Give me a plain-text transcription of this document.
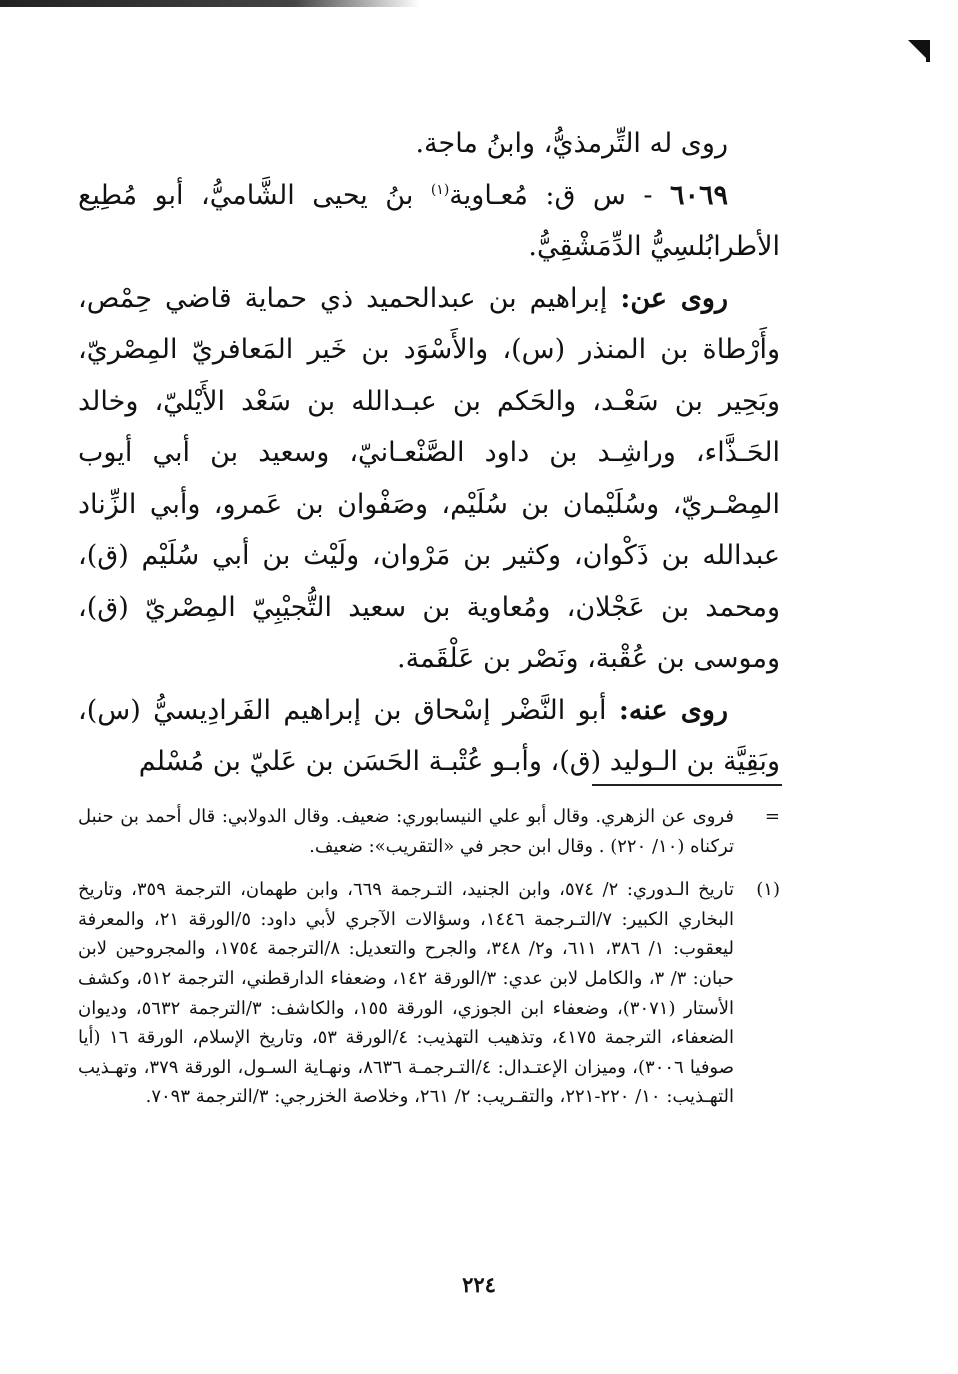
روى له التِّرمذيُّ، وابنُ ماجة.

٦٠٦٩ - س ق: مُعـاوية$^{(١)}$ بنُ يحيى الشَّاميُّ، أبو مُطِيع الأطرابُلسِيُّ الدِّمَشْقِيُّ.

روى عن: إبراهيم بن عبدالحميد ذي حماية قاضي حِمْص، وأَرْطاة بن المنذر (س)، والأَسْوَد بن خَير المَعافريّ المِصْريّ، وبَحِير بن سَعْـد، والحَكم بن عبـدالله بن سَعْد الأَيْليّ، وخالد الحَـذَّاء، وراشِـد بن داود الصَّنْعـانيّ، وسعيد بن أبي أيوب المِصْـريّ، وسُلَيْمان بن سُلَيْم، وصَفْوان بن عَمرو، وأبي الزِّناد عبدالله بن ذَكْوان، وكثير بن مَرْوان، ولَيْث بن أبي سُلَيْم (ق)، ومحمد بن عَجْلان، ومُعاوية بن سعيد التُّجيْبِيّ المِصْريّ (ق)، وموسى بن عُقْبة، ونَصْر بن عَلْقَمة.

روى عنه: أبو النَّضْر إسْحاق بن إبراهيم الفَرادِيسيُّ (س)، وبَقِيَّة بن الـوليد (ق)، وأبـو عُتْبـة الحَسَن بن عَليّ بن مُسْلم

=
فروى عن الزهري. وقال أبو علي النيسابوري: ضعيف. وقال الدولابي: قال أحمد بن حنبل تركناه (١٠/ ٢٢٠) . وقال ابن حجر في «التقريب»: ضعيف.
(١)
تاريخ الـدوري: ٢/ ٥٧٤، وابن الجنيد، التـرجمة ٦٦٩، وابن طهمان، الترجمة ٣٥٩، وتاريخ البخاري الكبير: ٧/التـرجمة ١٤٤٦، وسؤالات الآجري لأبي داود: ٥/الورقة ٢١، والمعرفة ليعقوب: ١/ ٣٨٦، ٦١١، و٢/ ٣٤٨، والجرح والتعديل: ٨/الترجمة ١٧٥٤، والمجروحين لابن حبان: ٣/ ٣، والكامل لابن عدي: ٣/الورقة ١٤٢، وضعفاء الدارقطني، الترجمة ٥١٢، وكشف الأستار (٣٠٧١)، وضعفاء ابن الجوزي، الورقة ١٥٥، والكاشف: ٣/الترجمة ٥٦٣٢، وديوان الضعفاء، الترجمة ٤١٧٥، وتذهيب التهذيب: ٤/الورقة ٥٣، وتاريخ الإسلام، الورقة ١٦ (أيا صوفيا ٣٠٠٦)، وميزان الإعتـدال: ٤/التـرجمـة ٨٦٣٦، ونهـاية السـول، الورقة ٣٧٩، وتهـذيب التهـذيب: ١٠/ ٢٢٠-٢٢١، والتقـريب: ٢/ ٢٦١، وخلاصة الخزرجي: ٣/الترجمة ٧٠٩٣.
٢٢٤
